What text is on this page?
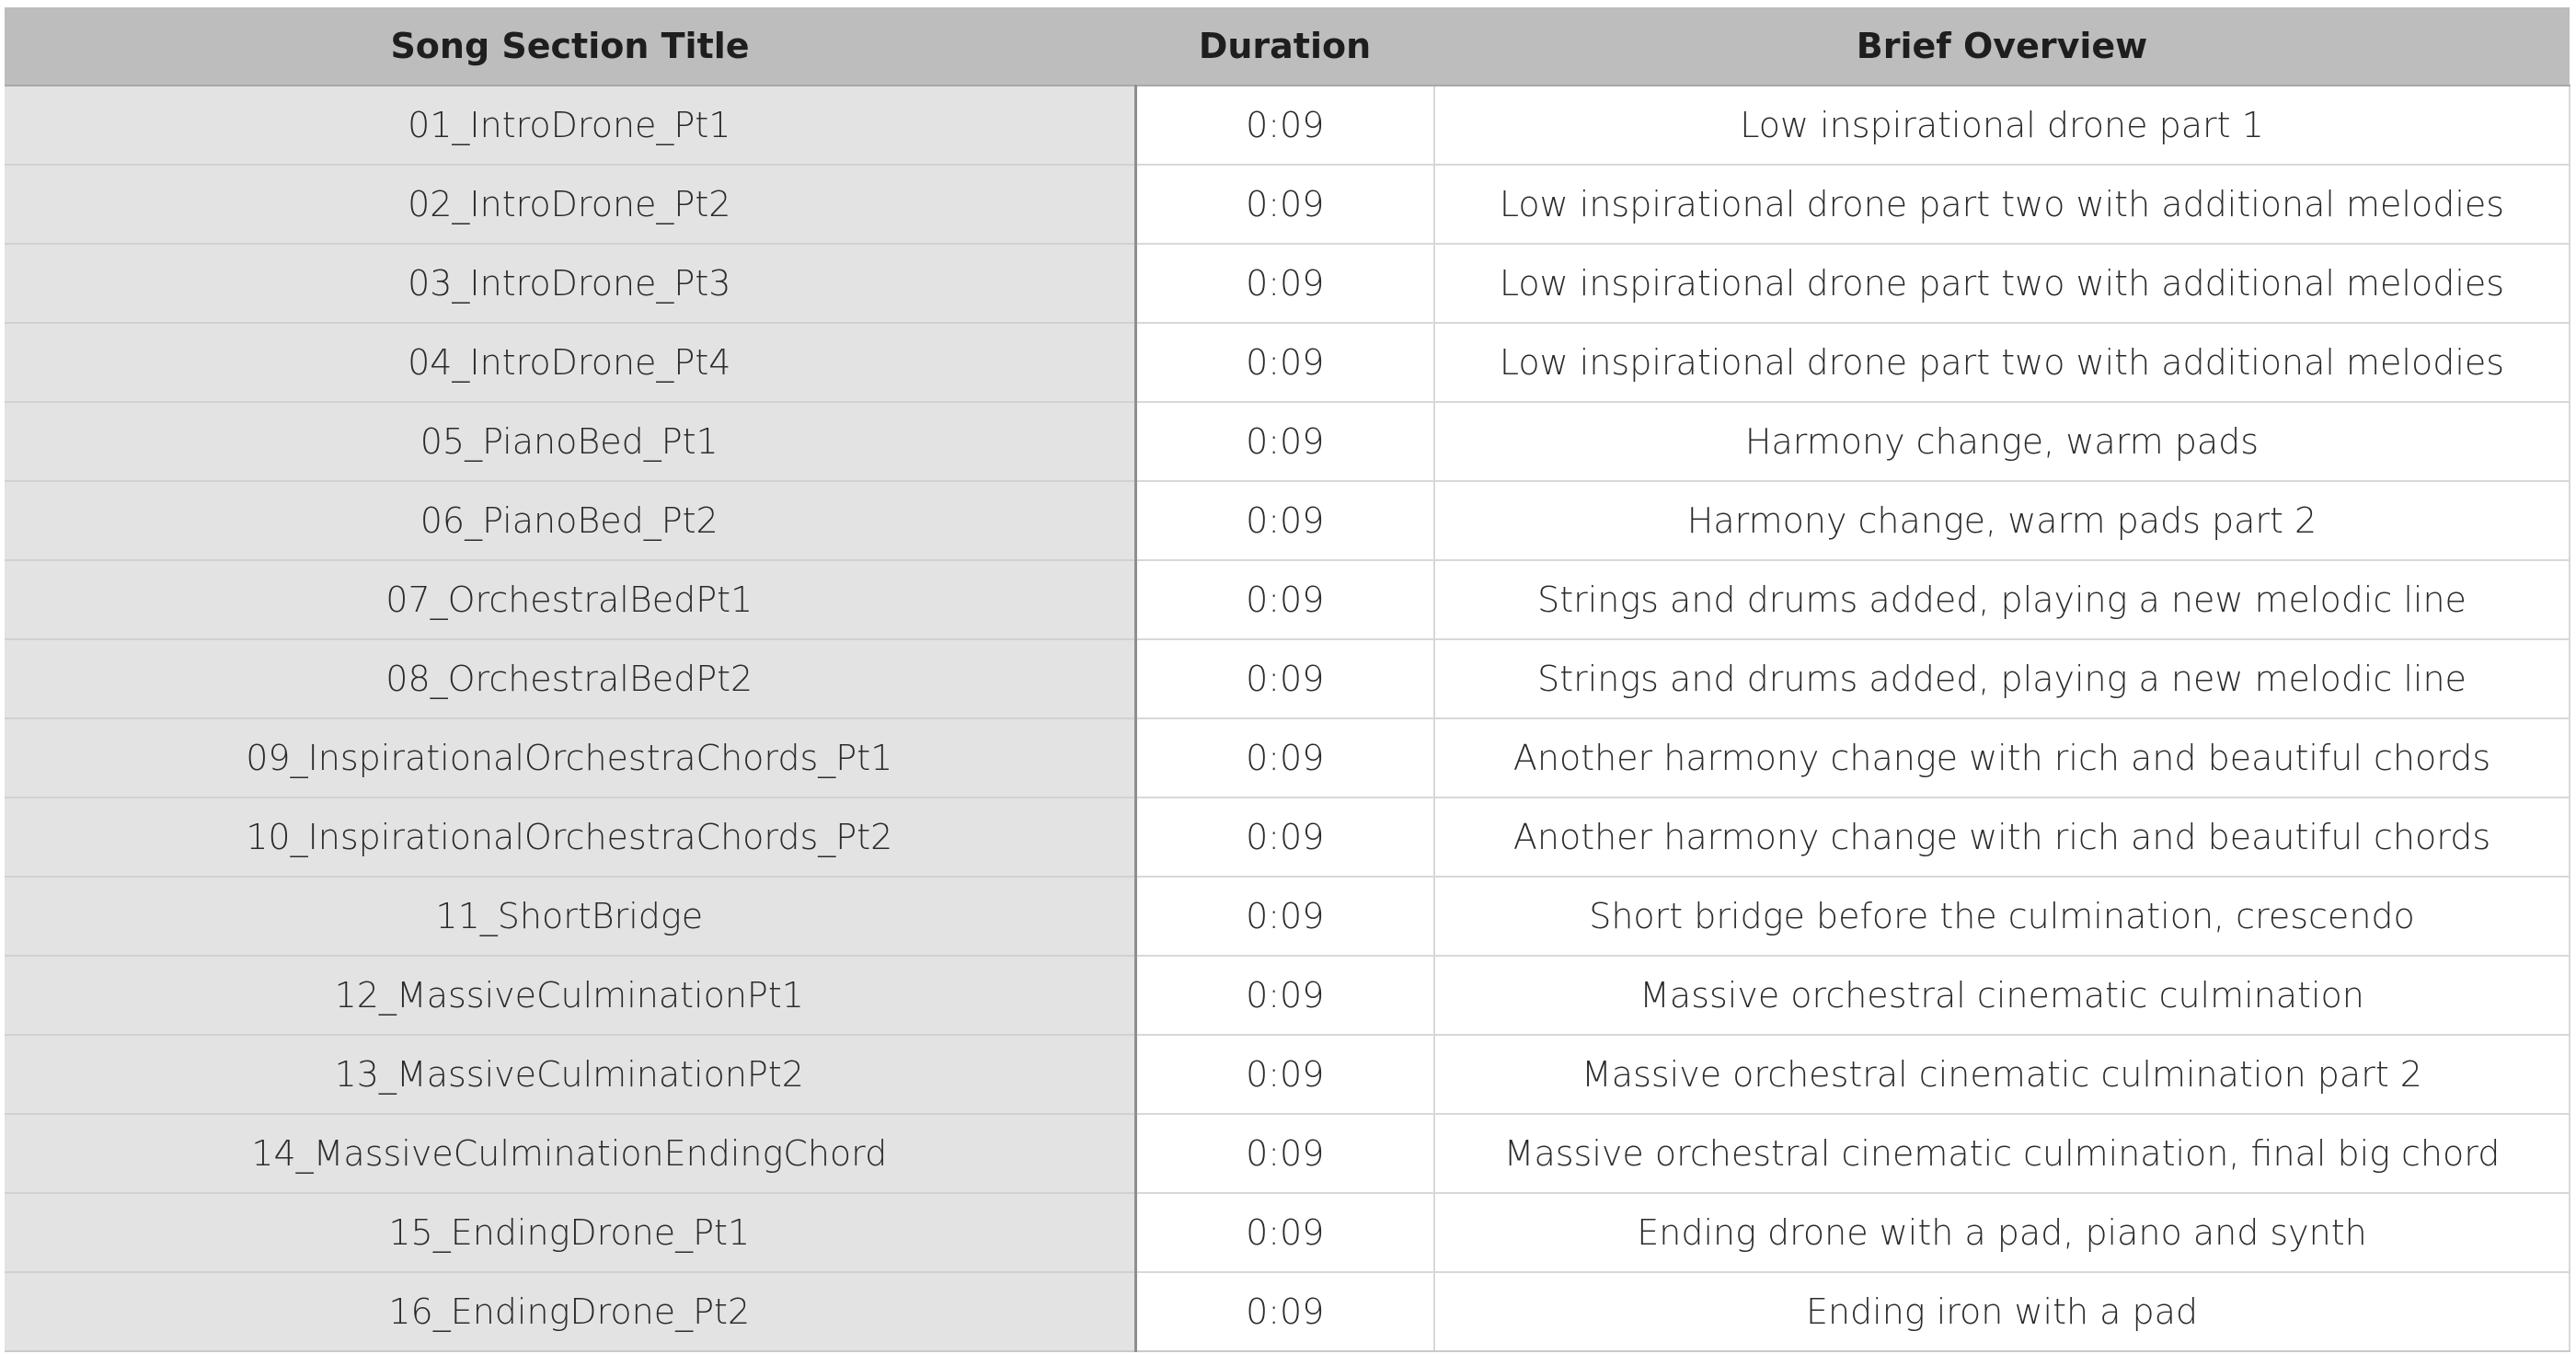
Song Section Title	Duration	Brief Overview
01_IntroDrone_Pt1	0:09	Low inspirational drone part 1
02_IntroDrone_Pt2	0:09	Low inspirational drone part two with additional melodies
03_IntroDrone_Pt3	0:09	Low inspirational drone part two with additional melodies
04_IntroDrone_Pt4	0:09	Low inspirational drone part two with additional melodies
05_PianoBed_Pt1	0:09	Harmony change, warm pads
06_PianoBed_Pt2	0:09	Harmony change, warm pads part 2
07_OrchestralBedPt1	0:09	Strings and drums added, playing a new melodic line
08_OrchestralBedPt2	0:09	Strings and drums added, playing a new melodic line
09_InspirationalOrchestraChords_Pt1	0:09	Another harmony change with rich and beautiful chords
10_InspirationalOrchestraChords_Pt2	0:09	Another harmony change with rich and beautiful chords
11_ShortBridge	0:09	Short bridge before the culmination, crescendo
12_MassiveCulminationPt1	0:09	Massive orchestral cinematic culmination
13_MassiveCulminationPt2	0:09	Massive orchestral cinematic culmination part 2
14_MassiveCulminationEndingChord	0:09	Massive orchestral cinematic culmination, final big chord
15_EndingDrone_Pt1	0:09	Ending drone with a pad, piano and synth
16_EndingDrone_Pt2	0:09	Ending iron with a pad
